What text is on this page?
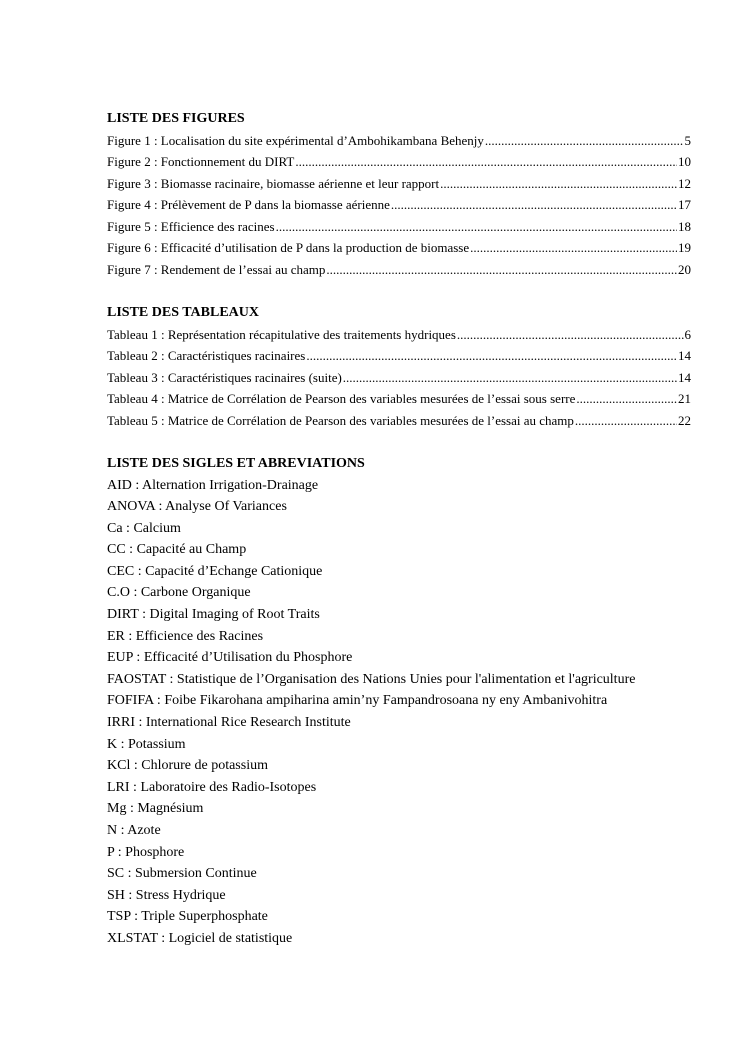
LISTE DES FIGURES
Figure 1 : Localisation du site expérimental d’Ambohikambana Behenjy .....	5
Figure 2 : Fonctionnement du DIRT .....	10
Figure 3 : Biomasse racinaire, biomasse aérienne et leur rapport .....	12
Figure 4 : Prélèvement de P dans la biomasse aérienne .....	17
Figure 5 : Efficience des racines .....	18
Figure 6 : Efficacité d’utilisation de P dans la production de biomasse .....	19
Figure 7 : Rendement de l’essai au champ .....	20
LISTE DES TABLEAUX
Tableau 1 : Représentation récapitulative des traitements hydriques .....	6
Tableau 2 : Caractéristiques racinaires .....	14
Tableau 3 : Caractéristiques racinaires (suite) .....	14
Tableau 4 : Matrice de Corrélation de Pearson des variables mesurées de l’essai sous serre .....	21
Tableau 5 : Matrice de Corrélation de Pearson des variables mesurées de l’essai au champ .....	22
LISTE DES SIGLES ET ABREVIATIONS
AID : Alternation Irrigation-Drainage
ANOVA : Analyse Of Variances
Ca : Calcium
CC : Capacité au Champ
CEC : Capacité d’Echange Cationique
C.O : Carbone Organique
DIRT : Digital Imaging of Root Traits
ER : Efficience des Racines
EUP : Efficacité d’Utilisation du Phosphore
FAOSTAT : Statistique de l’Organisation des Nations Unies pour l'alimentation et l'agriculture
FOFIFA : Foibe Fikarohana ampiharina amin’ny Fampandrosoana ny eny Ambanivohitra
IRRI : International Rice Research Institute
K : Potassium
KCl : Chlorure de potassium
LRI : Laboratoire des Radio-Isotopes
Mg : Magnésium
N : Azote
P : Phosphore
SC : Submersion Continue
SH : Stress Hydrique
TSP : Triple Superphosphate
XLSTAT : Logiciel de statistique
